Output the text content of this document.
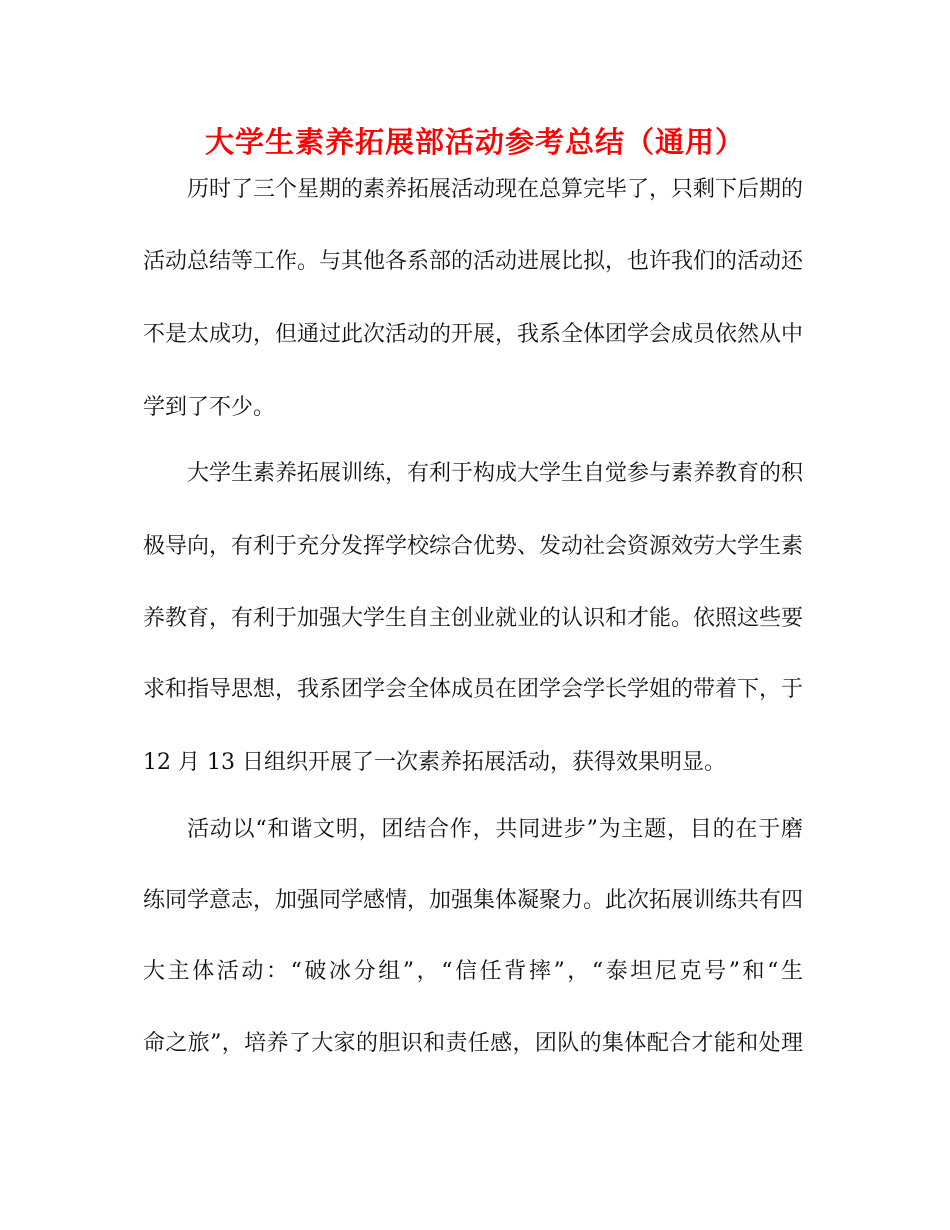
大学生素养拓展部活动参考总结（通用）
历时了三个星期的素养拓展活动现在总算完毕了，只剩下后期的
活动总结等工作。与其他各系部的活动进展比拟，也许我们的活动还
不是太成功，但通过此次活动的开展，我系全体团学会成员依然从中
学到了不少。
大学生素养拓展训练，有利于构成大学生自觉参与素养教育的积
极导向，有利于充分发挥学校综合优势、发动社会资源效劳大学生素
养教育，有利于加强大学生自主创业就业的认识和才能。依照这些要
求和指导思想，我系团学会全体成员在团学会学长学姐的带着下，于
12 月 13 日组织开展了一次素养拓展活动，获得效果明显。
活动以“和谐文明，团结合作，共同进步”为主题，目的在于磨
练同学意志，加强同学感情，加强集体凝聚力。此次拓展训练共有四
大主体活动：“破冰分组”，“信任背摔”，“泰坦尼克号”和“生
命之旅”，培养了大家的胆识和责任感，团队的集体配合才能和处理
